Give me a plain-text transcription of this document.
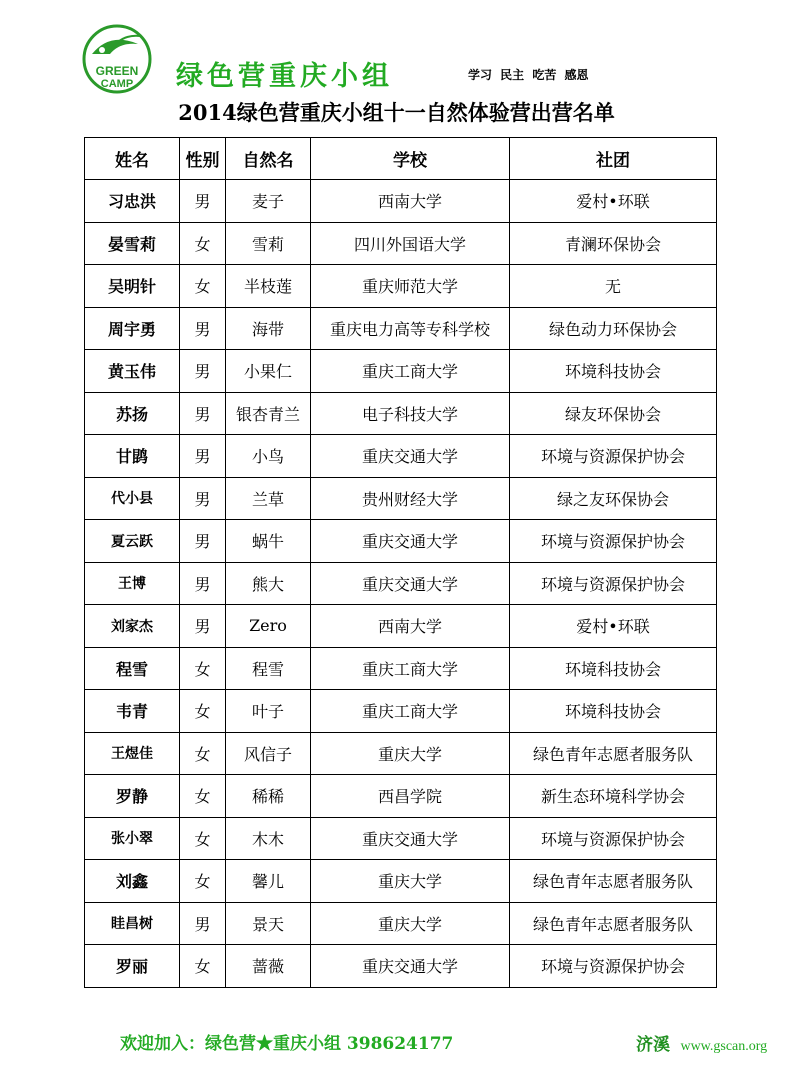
GREEN
CAMP 绿色营重庆小组	学习 民主 吃苦 感恩
2014绿色营重庆小组十一自然体验营出营名单
姓名	性别	自然名	学校	社团
习忠洪	男	麦子	西南大学	爱村•环联
晏雪莉	女	雪莉	四川外国语大学	青澜环保协会
吴明针	女	半枝莲	重庆师范大学	无
周宇勇	男	海带	重庆电力高等专科学校	绿色动力环保协会
黄玉伟	男	小果仁	重庆工商大学	环境科技协会
苏扬	男	银杏青兰	电子科技大学	绿友环保协会
甘鹍	男	小鸟	重庆交通大学	环境与资源保护协会
代小县	男	兰草	贵州财经大学	绿之友环保协会
夏云跃	男	蜗牛	重庆交通大学	环境与资源保护协会
王博	男	熊大	重庆交通大学	环境与资源保护协会
刘家杰	男	Zero	西南大学	爱村•环联
程雪	女	程雪	重庆工商大学	环境科技协会
韦青	女	叶子	重庆工商大学	环境科技协会
王煜佳	女	风信子	重庆大学	绿色青年志愿者服务队
罗静	女	稀稀	西昌学院	新生态环境科学协会
张小翠	女	木木	重庆交通大学	环境与资源保护协会
刘鑫	女	馨儿	重庆大学	绿色青年志愿者服务队
眭昌树	男	景天	重庆大学	绿色青年志愿者服务队
罗丽	女	蔷薇	重庆交通大学	环境与资源保护协会
欢迎加入：绿色营★重庆小组 398624177	济溪 www.gscan.org
